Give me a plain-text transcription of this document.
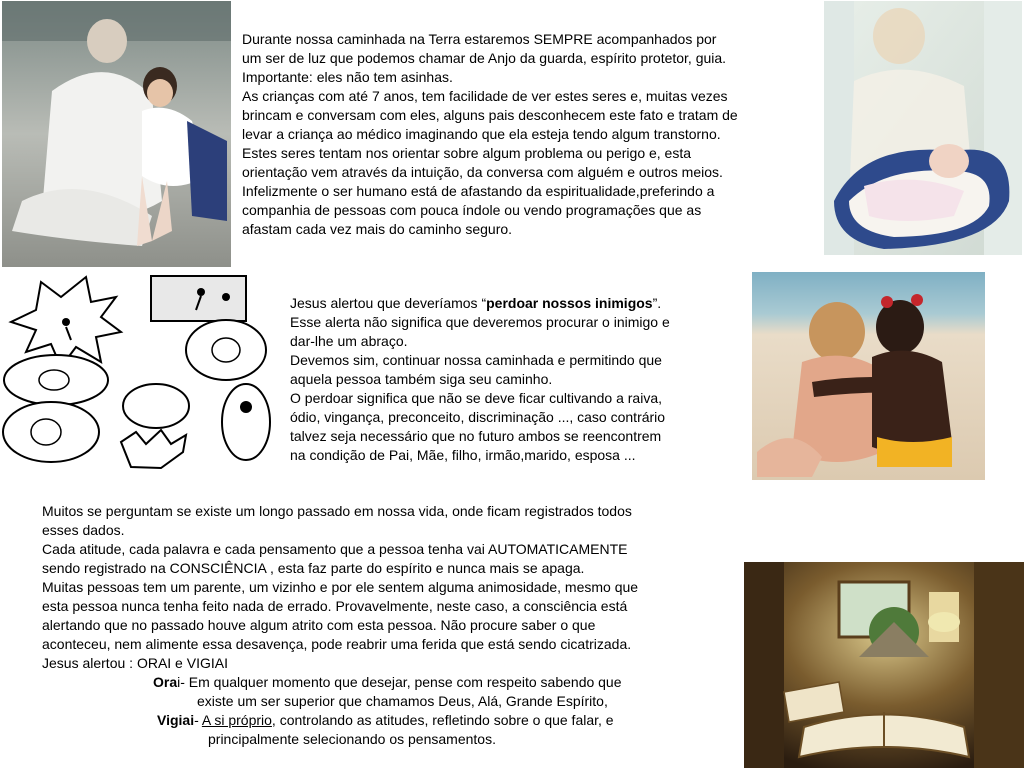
Durante nossa caminhada na Terra estaremos SEMPRE acompanhados por

um ser de luz que podemos chamar de Anjo da guarda, espírito protetor, guia.

Importante: eles não tem asinhas.

As crianças com até 7 anos, tem facilidade de ver estes seres e, muitas vezes

brincam e conversam com eles, alguns pais desconhecem este fato e tratam de

levar a criança ao médico imaginando que ela esteja tendo algum transtorno.

Estes seres tentam nos orientar sobre algum problema ou perigo e, esta

orientação vem através da intuição, da conversa com alguém e outros meios.

Infelizmente o ser humano está de afastando da espiritualidade,preferindo a

companhia de pessoas com pouca índole ou vendo programações que as

afastam cada vez mais do caminho seguro.

Jesus alertou que deveríamos “perdoar nossos inimigos”.

Esse alerta não significa que deveremos procurar o inimigo e

dar-lhe um abraço.

Devemos sim, continuar nossa caminhada e permitindo que

aquela pessoa também siga seu caminho.

O perdoar significa que não se deve ficar cultivando a raiva,

ódio, vingança, preconceito, discriminação ..., caso contrário

talvez seja necessário que no futuro ambos se reencontrem

na condição de Pai, Mãe, filho, irmão,marido, esposa ...

Muitos se perguntam se existe um longo passado em nossa vida, onde ficam registrados todos

esses dados.

Cada atitude, cada palavra e cada pensamento que a pessoa tenha vai AUTOMATICAMENTE

sendo registrado na CONSCIÊNCIA , esta faz parte do espírito e nunca mais se apaga.

Muitas pessoas tem um parente, um vizinho e por ele sentem alguma animosidade, mesmo que

esta pessoa nunca tenha feito nada de errado. Provavelmente, neste caso, a consciência está

alertando que no passado houve algum atrito com esta pessoa. Não procure saber o que

aconteceu, nem alimente essa desavença, pode reabrir uma ferida que está sendo cicatrizada.

Jesus alertou : ORAI e VIGIAI

Orai- Em qualquer momento que desejar, pense com respeito sabendo que

existe um ser superior que chamamos Deus, Alá, Grande Espírito,

Vigiai- A si próprio, controlando as atitudes, refletindo sobre o que falar, e

principalmente selecionando os pensamentos.
